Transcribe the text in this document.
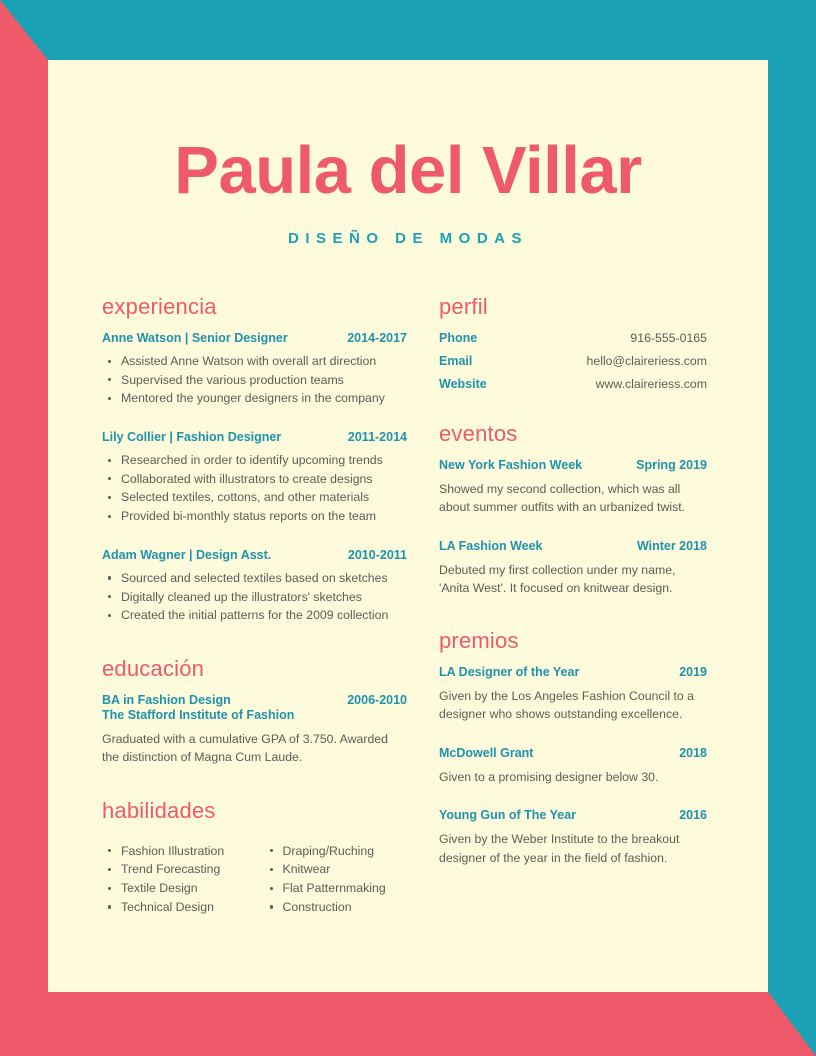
Paula del Villar
DISEÑO DE MODAS
experiencia
Anne Watson | Senior Designer	2014-2017
Assisted Anne Watson with overall art direction
Supervised the various production teams
Mentored the younger designers in the company
Lily Collier | Fashion Designer	2011-2014
Researched in order to identify upcoming trends
Collaborated with illustrators to create designs
Selected textiles, cottons, and other materials
Provided bi-monthly status reports on the team
Adam Wagner | Design Asst.	2010-2011
Sourced and selected textiles based on sketches
Digitally cleaned up the illustrators' sketches
Created the initial patterns for the 2009 collection
educación
BA in Fashion Design	2006-2010
The Stafford Institute of Fashion
Graduated with a cumulative GPA of 3.750. Awarded the distinction of Magna Cum Laude.
habilidades
Fashion Illustration
Trend Forecasting
Textile Design
Technical Design
Draping/Ruching
Knitwear
Flat Patternmaking
Construction
perfil
Phone	916-555-0165
Email	hello@claireriess.com
Website	www.claireriess.com
eventos
New York Fashion Week	Spring 2019
Showed my second collection, which was all about summer outfits with an urbanized twist.
LA Fashion Week	Winter 2018
Debuted my first collection under my name, 'Anita West'. It focused on knitwear design.
premios
LA Designer of the Year	2019
Given by the Los Angeles Fashion Council to a designer who shows outstanding excellence.
McDowell Grant	2018
Given to a promising designer below 30.
Young Gun of The Year	2016
Given by the Weber Institute to the breakout designer of the year in the field of fashion.
